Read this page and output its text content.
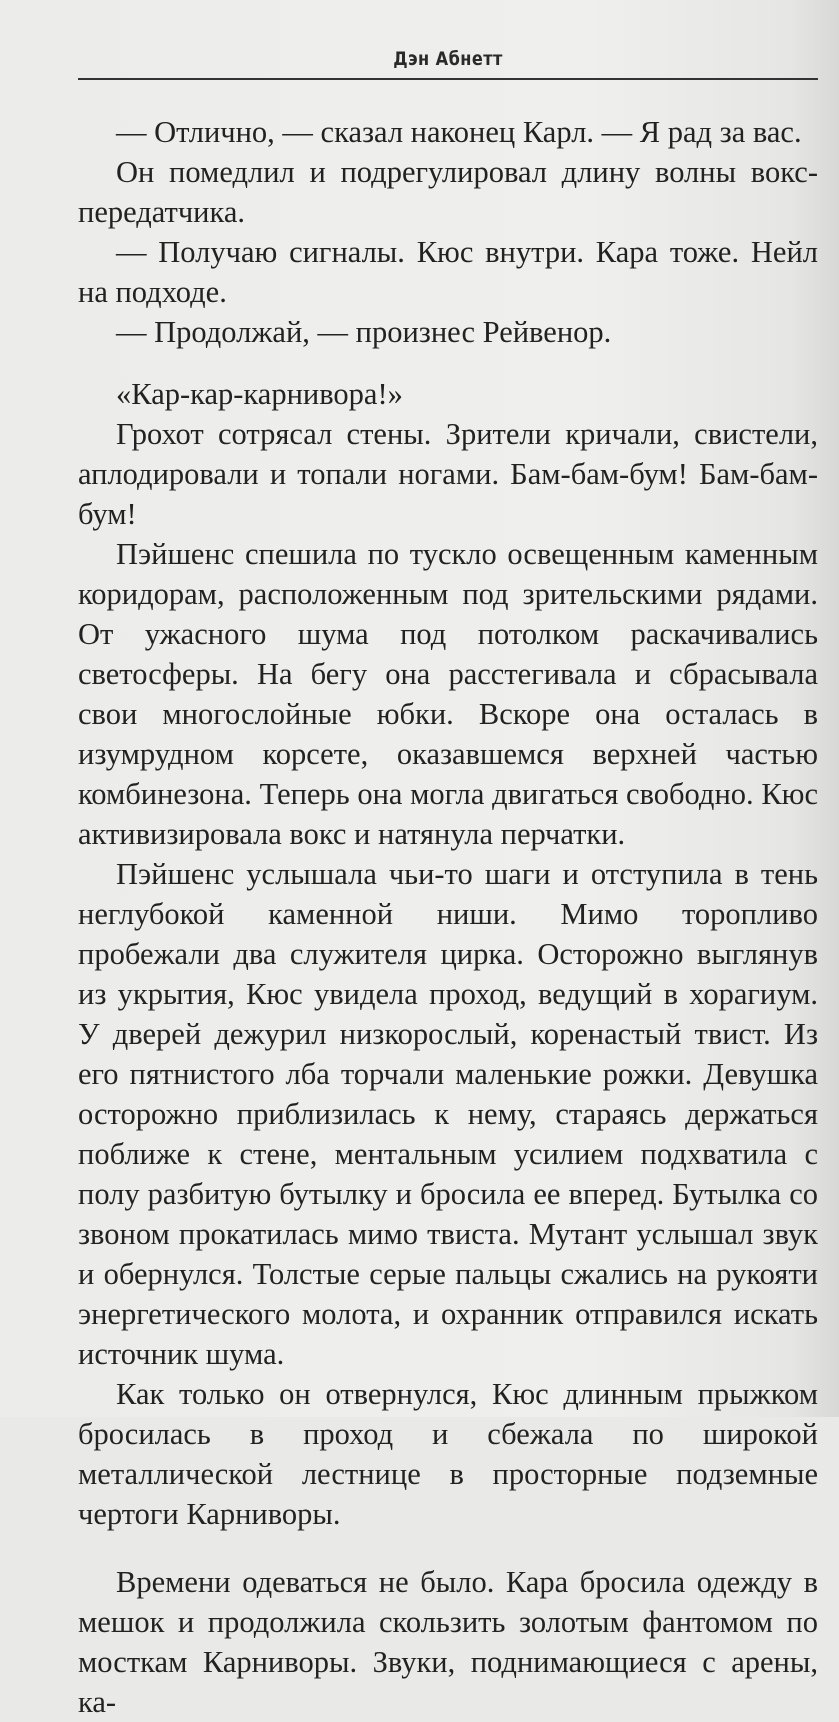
Дэн Абнетт

— Отлично, — сказал наконец Карл. — Я рад за вас.

Он помедлил и подрегулировал длину волны вокс-передатчика.

— Получаю сигналы. Кюс внутри. Кара тоже. Нейл на подходе.

— Продолжай, — произнес Рейвенор.

«Кар-кар-карнивора!»

Грохот сотрясал стены. Зрители кричали, свистели, аплодировали и топали ногами. Бам-бам-бум! Бам-бам-бум!

Пэйшенс спешила по тускло освещенным каменным коридорам, расположенным под зрительскими рядами. От ужасного шума под потолком раскачивались светосферы. На бегу она расстегивала и сбрасывала свои многослойные юбки. Вскоре она осталась в изумрудном корсете, оказавшемся верхней частью комбинезона. Теперь она могла двигаться свободно. Кюс активизировала вокс и натянула перчатки.

Пэйшенс услышала чьи-то шаги и отступила в тень неглубокой каменной ниши. Мимо торопливо пробежали два служителя цирка. Осторожно выглянув из укрытия, Кюс увидела проход, ведущий в хорагиум. У дверей дежурил низкорослый, коренастый твист. Из его пятнистого лба торчали маленькие рожки. Девушка осторожно приблизилась к нему, стараясь держаться поближе к стене, ментальным усилием подхватила с полу разбитую бутылку и бросила ее вперед. Бутылка со звоном прокатилась мимо твиста. Мутант услышал звук и обернулся. Толстые серые пальцы сжались на рукояти энергетического молота, и охранник отправился искать источник шума.

Как только он отвернулся, Кюс длинным прыжком бросилась в проход и сбежала по широкой металлической лестнице в просторные подземные чертоги Карниворы.

Времени одеваться не было. Кара бросила одежду в мешок и продолжила скользить золотым фантомом по мосткам Карниворы. Звуки, поднимающиеся с арены, ка-
